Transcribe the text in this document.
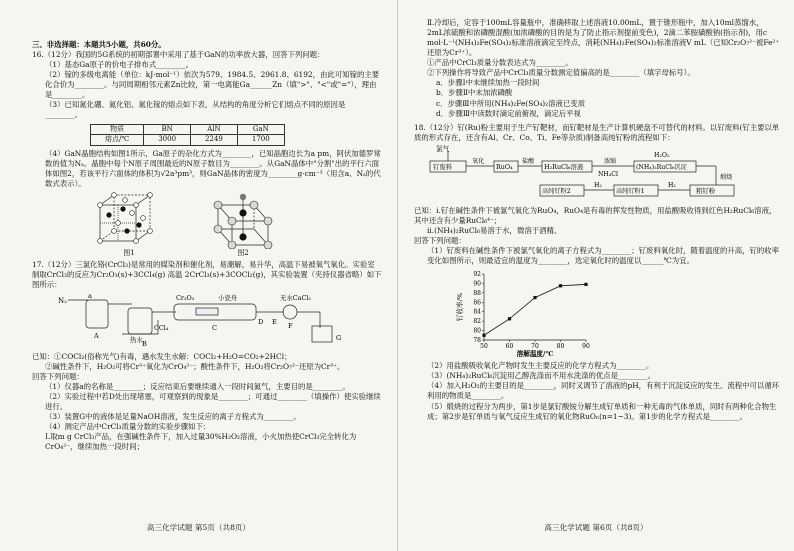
三、非选择题：本题共5小题，共60分。

16.（12分）我国的5G系统的初期部署中采用了基于GaN的功率放大器，回答下列问题：

（1）基态Ga原子的价电子排布式________。

（2）镓的多级电离能（单位：kJ·mol⁻¹）依次为579、1984.5、2961.8、6192，由此可知镓的主要化合价为________。与同周期相邻元素Zn比较，第一电离能Ga______Zn（填">"、"<"或"="），理由是________。

（3）已知氮化硼、氮化铝、氮化镓的熔点如下表，从结构的角度分析它们熔点不同的原因是________。

物质	BN	AlN	GaN
熔点/℃	3000	2249	1700

（4）GaN晶胞结构如图1所示，Ga原子的杂化方式为________，已知晶胞边长为a pm，阿伏加德罗常数的值为Nₐ。晶胞中每个N原子周围最近的N原子数目为________。从GaN晶体中"分割"出的平行六面体如图2，若该平行六面体的体积为√2a³pm³，则GaN晶体的密度为________g·cm⁻³（用含a、Nₐ的代数式表示）。

图1	图2

17.（12分）三氯化铬(CrCl₃)是常用的媒染剂和催化剂，易潮解，易升华，高温下易被氧气氧化。实验室制取CrCl₃的反应为Cr₂O₃(s)+3CCl₄(g) 高温 2CrCl₃(s)+3COCl₂(g)，其实验装置（夹持仪器省略）如下图所示：

N₂	Cr₂O₃	小瓷舟	无水CaCl₂
热水
CCl₄
a
A
B
C
D E F
G

已知：①COCl₂(俗称光气)有毒，遇水发生水解：COCl₂+H₂O=CO₂+2HCl；

②碱性条件下，H₂O₂可将Cr³⁺氧化为CrO₄²⁻；酸性条件下，H₂O₂将Cr₂O₇²⁻还原为Cr³⁺。

回答下列问题：

（1）仪器a的名称是________；反应结束后要继续通入一段时间氮气，主要目的是________。

（2）实验过程中若D处出现堵塞，可观察到的现象是________；可通过________（填操作）使实验继续进行。

（3）装置G中的液体是足量NaOH溶液，发生反应的离子方程式为________。

（4）测定产品中CrCl₃质量分数的实验步骤如下：

Ⅰ.取m g CrCl₃产品，在强碱性条件下，加入过量30%H₂O₂溶液，小火加热使CrCl₃完全转化为CrO₄²⁻，继续加热一段时间；

高三化学试题 第5页（共8页）

Ⅱ.冷却后，定容于100mL容量瓶中，准确移取上述溶液10.00mL，置于锥形瓶中，加入10ml蒸馏水，2mL浓硫酸和浓磷酸混酸(加浓磷酸的目的是为了防止指示剂提前变色)，2滴二苯胺磺酸钠(指示剂)，用c mol·L⁻¹(NH₄)₂Fe(SO₄)₂标准溶液滴定至终点，消耗(NH₄)₂Fe(SO₄)₂标准溶液V mL（已知Cr₂O₇²⁻被Fe²⁺还原为Cr³⁺）。

①产品中CrCl₃质量分数表达式为________。

②下列操作将导致产品中CrCl₃质量分数测定值偏高的是________（填字母标号）。

a．步骤Ⅰ中未继续加热一段时间

b．步骤Ⅱ中未加浓磷酸

c．步骤Ⅲ中所用(NH₄)₂Fe(SO₄)₂溶液已变质

d．步骤Ⅲ中读数时滴定前俯视，滴定后平视

18.（12分）钌(Ru)粉主要用于生产钌靶材，而钌靶材是生产计算机硬盘不可替代的材料。以钌废料(钌主要以单质的形式存在，还含有Al、Cr、Co、Ti、Fe等杂质)制备高纯钌粉的流程如下：

氯气
钌废料	RuO₄	H₂RuCl₆溶液	(NH₄)₂RuCl₆沉淀
粗钌粉
高纯钌粉1
高纯钌粉2
氧化	盐酸	浓缩
NH₄Cl	煅烧
H₂
H₂
H₂O₂

已知：ⅰ.钌在碱性条件下被氯气氧化为RuO₄，RuO₄是有毒的挥发性物质，用盐酸吸收得到红色H₂RuCl₆溶液，其中还含有少量RuCl₆⁴⁻；

ⅱ.(NH₄)₂RuCl₆易溶于水，微溶于酒精。

回答下列问题：

（1）钌废料在碱性条件下被氯气氧化的离子方程式为________；钌废料氧化时，随着温度的升高，钌的收率变化如图所示，则最适宜的温度为________，选定氧化时的温度以______℃为宜。

78
80
82
84
86
88
90
92
50	60	70	80	90
溶解温度/℃
钌收率/%

（2）用盐酸吸收氧化产物时发生主要反应的化学方程式为________。

（3）(NH₄)₂RuCl₆沉淀用乙醇洗涤而不用水洗涤的优点是________。

（4）加入H₂O₂的主要目的是________，同时又调节了溶液的pH，有利于沉淀反应的发生。流程中可以循环利用的物质是________。

（5）煅烧的过程分为两步，第1步是氯钌酸铵分解生成钌单质和一种无毒的气体单质，同时有两种化合物生成；第2步是钌单质与氧气反应生成钌的氧化物RuOₙ(n=1~3)。第1步的化学方程式是________。

高三化学试题 第6页（共8页）
